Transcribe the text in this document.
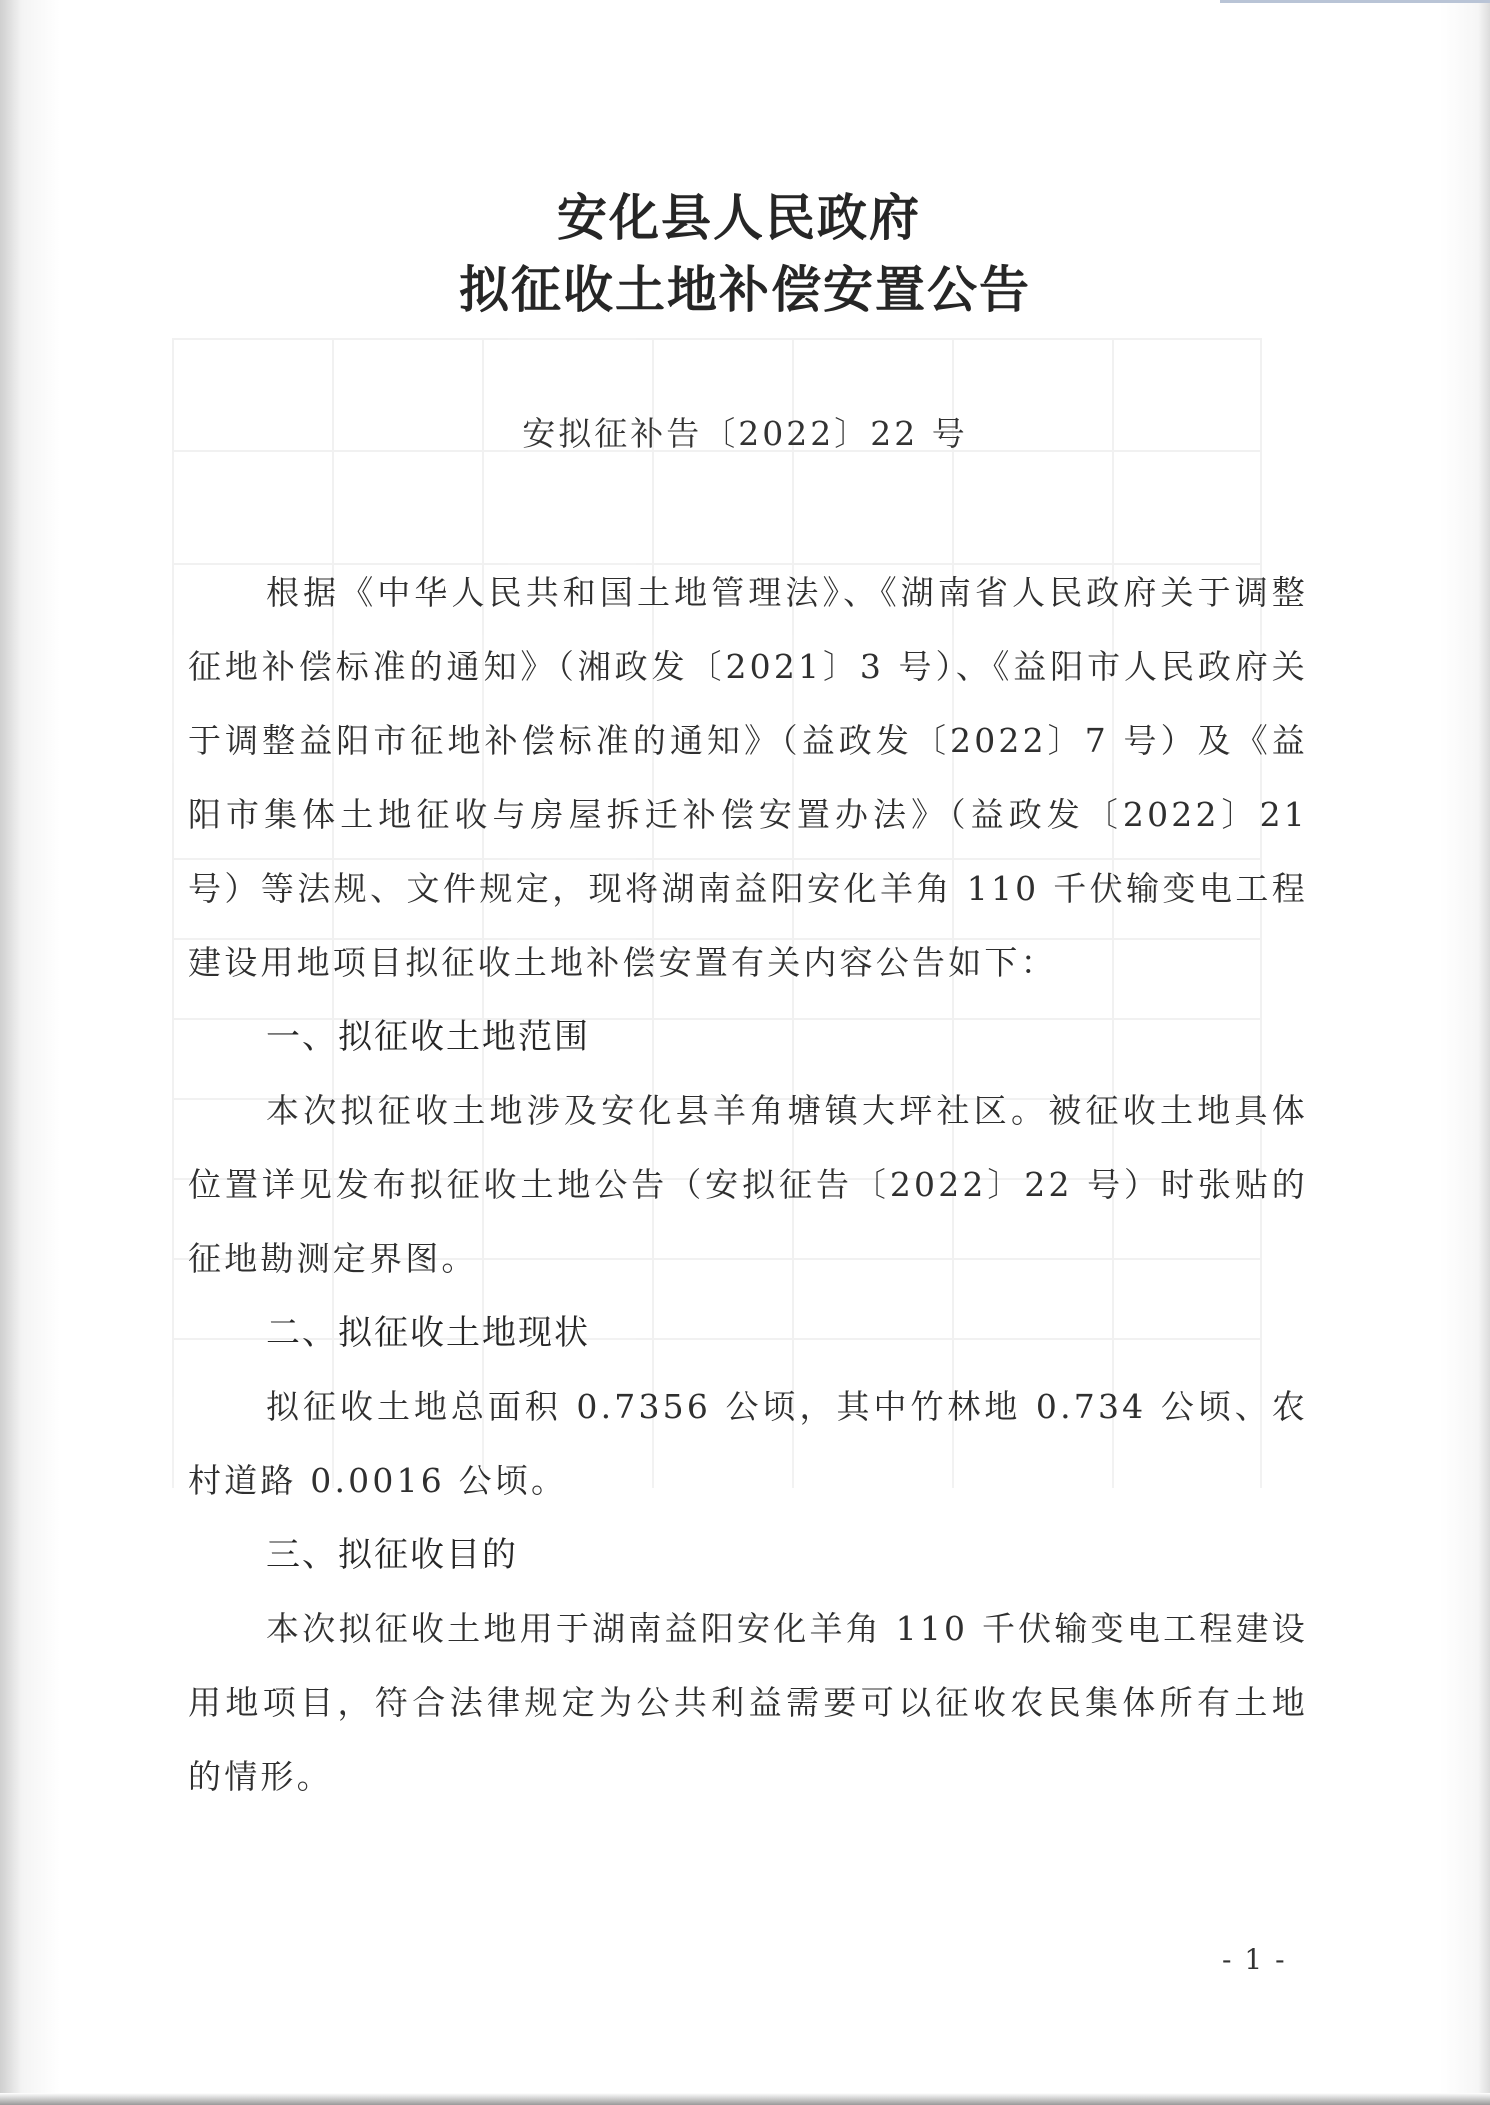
安化县人民政府
拟征收土地补偿安置公告
安拟征补告〔2022〕22 号

根据《中华人民共和国土地管理法》、《湖南省人民政府关于调整征地补偿标准的通知》（湘政发〔2021〕3 号）、《益阳市人民政府关于调整益阳市征地补偿标准的通知》（益政发〔2022〕7 号）及《益阳市集体土地征收与房屋拆迁补偿安置办法》（益政发〔2022〕21 号）等法规、文件规定，现将湖南益阳安化羊角 110 千伏输变电工程建设用地项目拟征收土地补偿安置有关内容公告如下：

一、拟征收土地范围

本次拟征收土地涉及安化县羊角塘镇大坪社区。被征收土地具体位置详见发布拟征收土地公告（安拟征告〔2022〕22 号）时张贴的征地勘测定界图。

二、拟征收土地现状

拟征收土地总面积 0.7356 公顷，其中竹林地 0.734 公顷、农村道路 0.0016 公顷。

三、拟征收目的

本次拟征收土地用于湖南益阳安化羊角 110 千伏输变电工程建设用地项目，符合法律规定为公共利益需要可以征收农民集体所有土地的情形。

- 1 -
